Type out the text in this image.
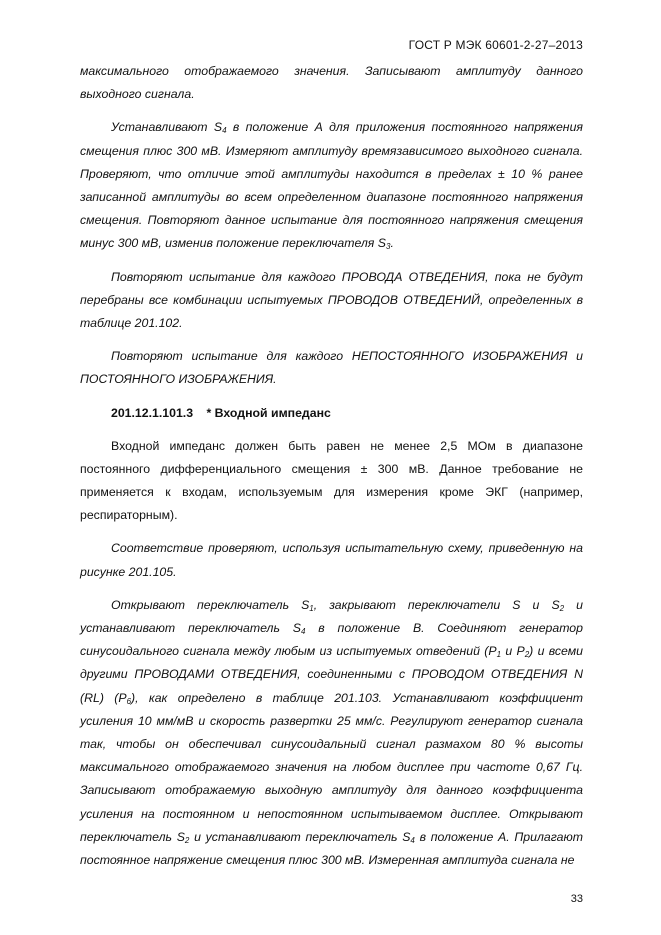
ГОСТ Р МЭК 60601-2-27–2013

максимального отображаемого значения. Записывают амплитуду данного выходного сигнала.

Устанавливают $S_4$ в положение А для приложения постоянного напряжения смещения плюс 300 мВ. Измеряют амплитуду времязависимого выходного сигнала. Проверяют, что отличие этой амплитуды находится в пределах ± 10 % ранее записанной амплитуды во всем определенном диапазоне постоянного напряжения смещения. Повторяют данное испытание для постоянного напряжения смещения минус 300 мВ, изменив положение переключателя $S_3$.

Повторяют испытание для каждого ПРОВОДА ОТВЕДЕНИЯ, пока не будут перебраны все комбинации испытуемых ПРОВОДОВ ОТВЕДЕНИЙ, определенных в таблице 201.102.

Повторяют испытание для каждого НЕПОСТОЯННОГО ИЗОБРАЖЕНИЯ и ПОСТОЯННОГО ИЗОБРАЖЕНИЯ.

201.12.1.101.3 * Входной импеданс

Входной импеданс должен быть равен не менее 2,5 МОм в диапазоне постоянного дифференциального смещения ± 300 мВ. Данное требование не применяется к входам, используемым для измерения кроме ЭКГ (например, респираторным).

Соответствие проверяют, используя испытательную схему, приведенную на рисунке 201.105.

Открывают переключатель $S_1$, закрывают переключатели S и $S_2$ и устанавливают переключатель $S_4$ в положение В. Соединяют генератор синусоидального сигнала между любым из испытуемых отведений ($Р_1$ и $Р_2$) и всеми другими ПРОВОДАМИ ОТВЕДЕНИЯ, соединенными с ПРОВОДОМ ОТВЕДЕНИЯ N (RL) $(Р_6)$, как определено в таблице 201.103. Устанавливают коэффициент усиления 10 мм/мВ и скорость развертки 25 мм/с. Регулируют генератор сигнала так, чтобы он обеспечивал синусоидальный сигнал размахом 80 % высоты максимального отображаемого значения на любом дисплее при частоте 0,67 Гц. Записывают отображаемую выходную амплитуду для данного коэффициента усиления на постоянном и непостоянном испытываемом дисплее. Открывают переключатель $S_2$ и устанавливают переключатель $S_4$ в положение А. Прилагают постоянное напряжение смещения плюс 300 мВ. Измеренная амплитуда сигнала не

33
